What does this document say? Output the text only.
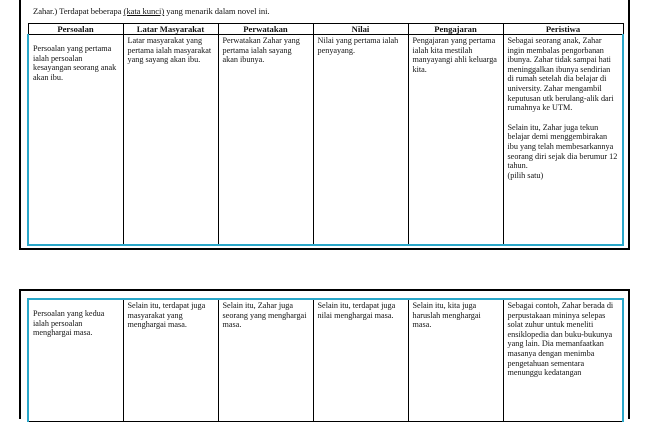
Zahar.) Terdapat beberapa (kata kunci) yang menarik dalam novel ini.
Persoalan	Latar Masyarakat	Perwatakan	Nilai	Pengajaran	Peristiwa
Persoalan yang pertama ialah persoalan kesayangan seorang anak akan ibu.	Latar masyarakat yang pertama ialah masyarakat yang sayang akan ibu.	Perwatakan Zahar yang pertama ialah sayang akan ibunya.	Nilai yang pertama ialah penyayang.	Pengajaran yang pertama ialah kita mestilah manyayangi ahli keluarga kita.	Sebagai seorang anak, Zahar ingin membalas pengorbanan ibunya. Zahar tidak sampai hati meninggalkan ibunya sendirian di rumah setelah dia belajar di university. Zahar mengambil keputusan utk berulang-alik dari rumahnya ke UTM.
Selain itu, Zahar juga tekun belajar demi menggembirakan ibu yang telah membesarkannya seorang diri sejak dia berumur 12 tahun.
(pilih satu)
Persoalan yang kedua ialah persoalan menghargai masa.	Selain itu, terdapat juga masyarakat yang menghargai masa.	Selain itu, Zahar juga seorang yang menghargai masa.	Selain itu, terdapat juga nilai menghargai masa.	Selain itu, kita juga haruslah menghargai masa.	Sebagai contoh, Zahar berada di perpustakaan mininya selepas solat zuhur untuk meneliti ensiklopedia dan buku-bukunya yang lain. Dia memanfaatkan masanya dengan menimba pengetahuan sementara menunggu kedatangan
